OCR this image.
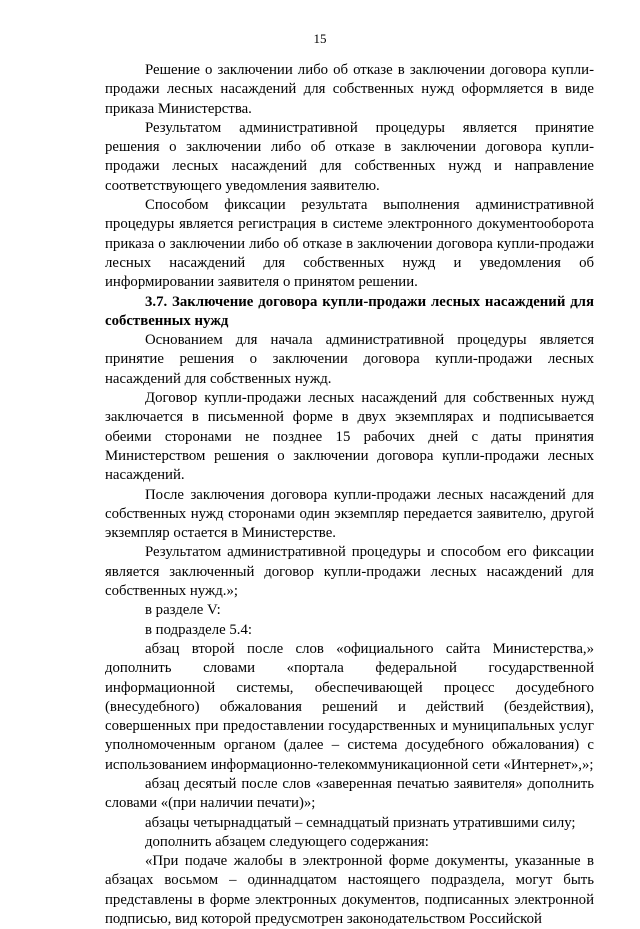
15

Решение о заключении либо об отказе в заключении договора купли-продажи лесных насаждений для собственных нужд оформляется в виде приказа Министерства.

Результатом административной процедуры является принятие решения о заключении либо об отказе в заключении договора купли-продажи лесных насаждений для собственных нужд и направление соответствующего уведомления заявителю.

Способом фиксации результата выполнения административной процедуры является регистрация в системе электронного документооборота приказа о заключении либо об отказе в заключении договора купли-продажи лесных насаждений для собственных нужд и уведомления об информировании заявителя о принятом решении.

3.7. Заключение договора купли-продажи лесных насаждений для собственных нужд

Основанием для начала административной процедуры является принятие решения о заключении договора купли-продажи лесных насаждений для собственных нужд.

Договор купли-продажи лесных насаждений для собственных нужд заключается в письменной форме в двух экземплярах и подписывается обеими сторонами не позднее 15 рабочих дней с даты принятия Министерством решения о заключении договора купли-продажи лесных насаждений.

После заключения договора купли-продажи лесных насаждений для собственных нужд сторонами один экземпляр передается заявителю, другой экземпляр остается в Министерстве.

Результатом административной процедуры и способом его фиксации является заключенный договор купли-продажи лесных насаждений для собственных нужд.»;

в разделе V:

в подразделе 5.4:

абзац второй после слов «официального сайта Министерства,» дополнить словами «портала федеральной государственной информационной системы, обеспечивающей процесс досудебного (внесудебного) обжалования решений и действий (бездействия), совершенных при предоставлении государственных и муниципальных услуг уполномоченным органом (далее – система досудебного обжалования) с использованием информационно-телекоммуникационной сети «Интернет»,»;

абзац десятый после слов «заверенная печатью заявителя» дополнить словами «(при наличии печати)»;

абзацы четырнадцатый – семнадцатый признать утратившими силу;

дополнить абзацем следующего содержания:

«При подаче жалобы в электронной форме документы, указанные в абзацах восьмом – одиннадцатом настоящего подраздела, могут быть представлены в форме электронных документов, подписанных электронной подписью, вид которой предусмотрен законодательством Российской
